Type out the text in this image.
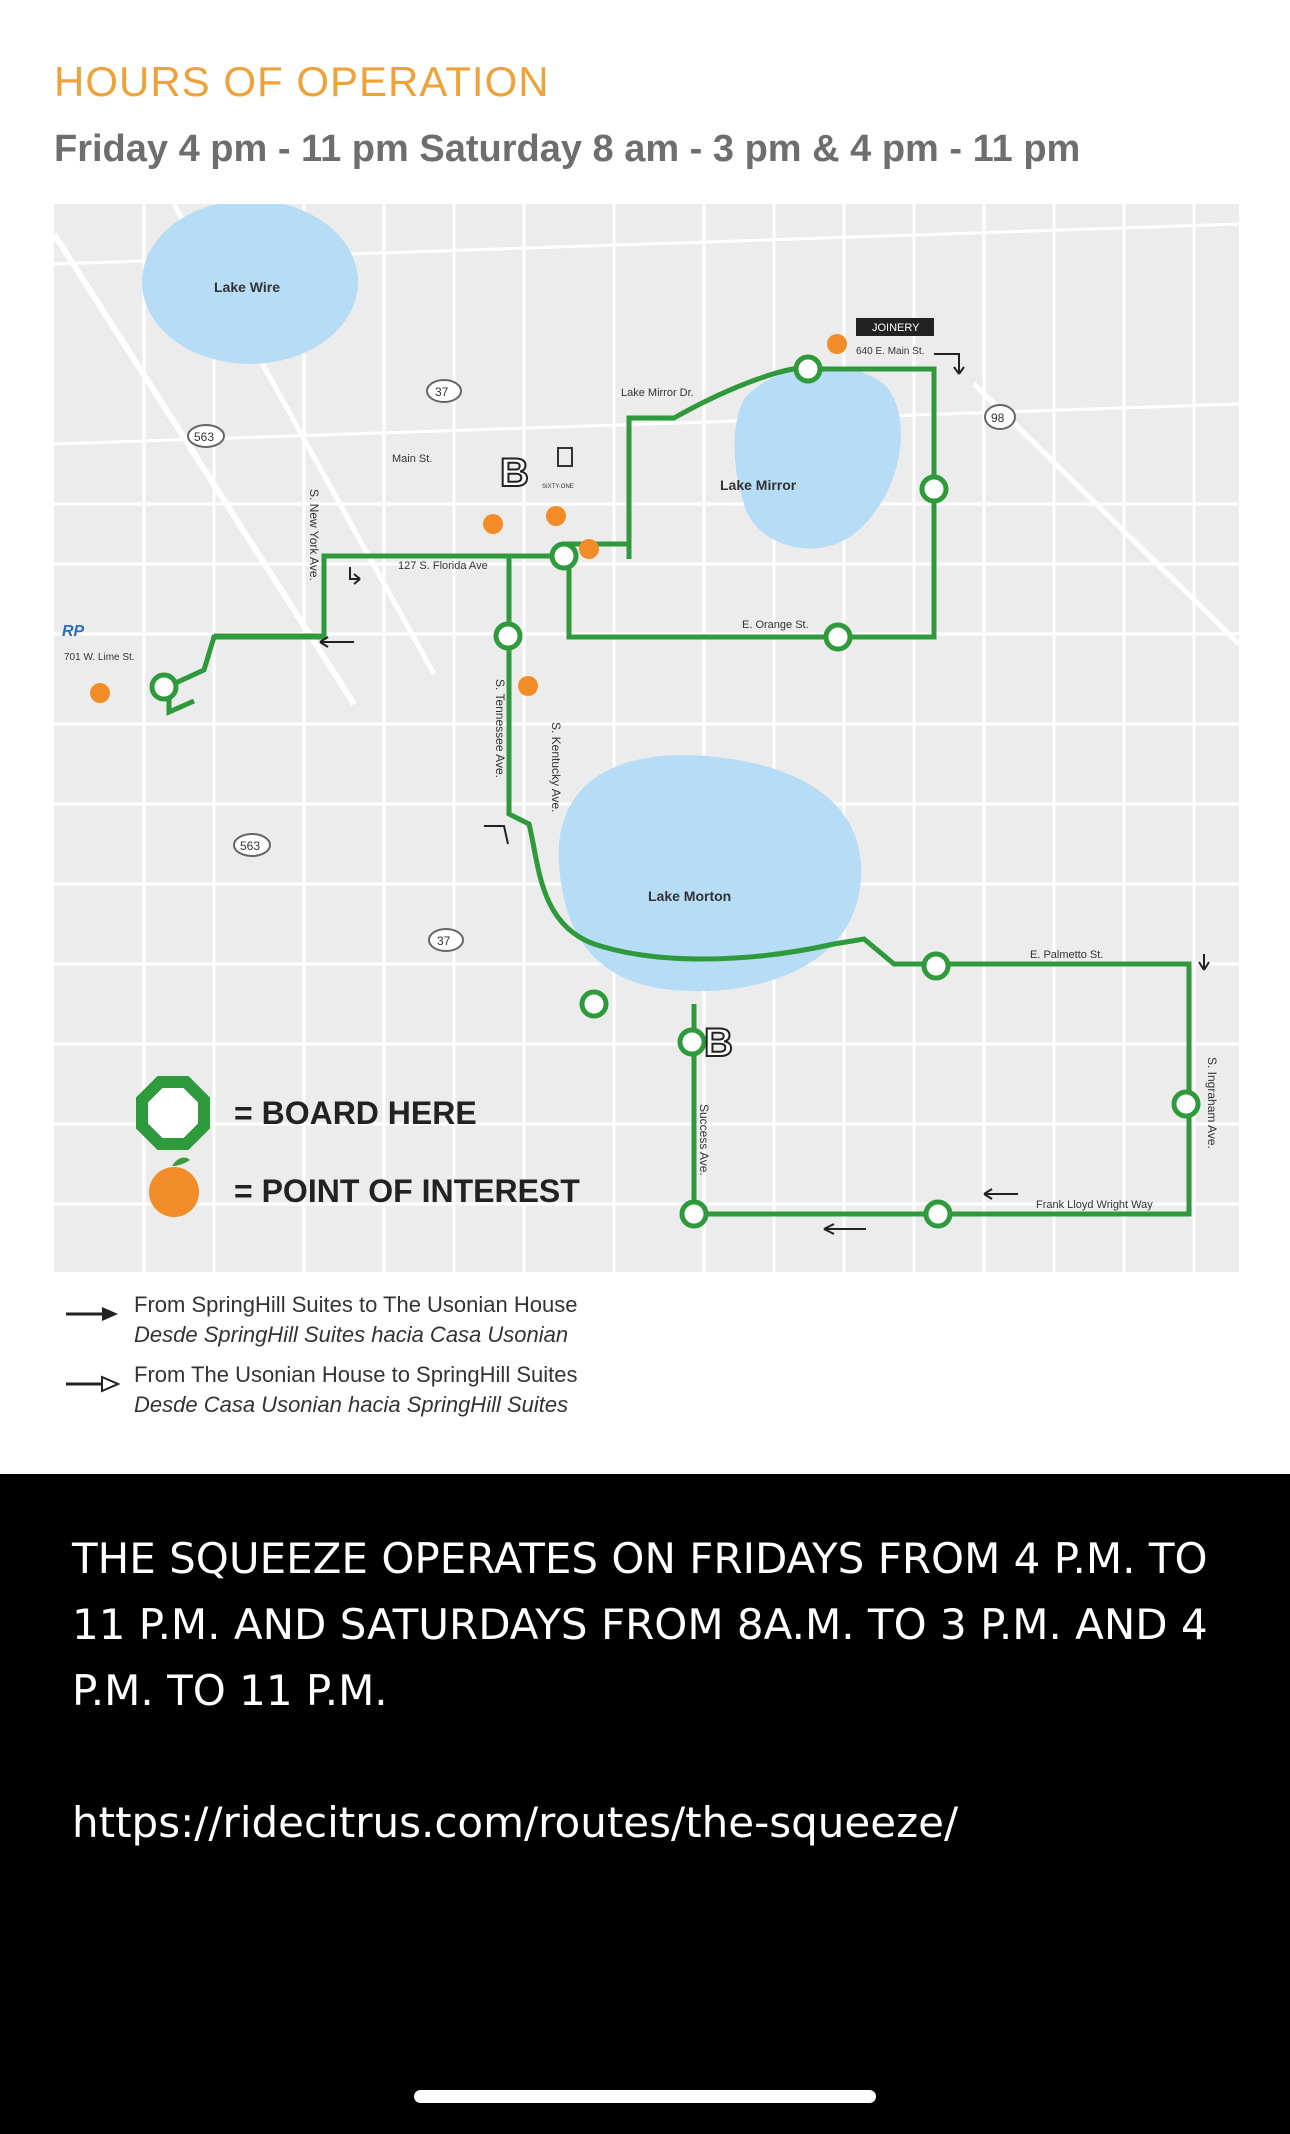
HOURS OF OPERATION
Friday 4 pm - 11 pm Saturday 8 am - 3 pm & 4 pm - 11 pm
Lake Wire
Lake Mirror
Lake Morton
Lake Mirror Dr.
Main St.
127 S. Florida Ave
E. Orange St.
S. New York Ave.
S. Tennessee Ave.	S. Kentucky Ave.
E. Palmetto St.
S. Ingraham Ave.
Success Ave.
Frank Lloyd Wright Way
640 E. Main St.
701 W. Lime St.
37
563
98
563
37
JOINERY
RP
SIXTY-ONE
B
B
= BOARD HERE
= POINT OF INTEREST
From SpringHill Suites to The Usonian House
Desde SpringHill Suites hacia Casa Usonian
From The Usonian House to SpringHill Suites
Desde Casa Usonian hacia SpringHill Suites
THE SQUEEZE OPERATES ON FRIDAYS FROM 4 P.M. TO 11 P.M. AND SATURDAYS FROM 8A.M. TO 3 P.M. AND 4 P.M. TO 11 P.M.
https://ridecitrus.com/routes/the-squeeze/
